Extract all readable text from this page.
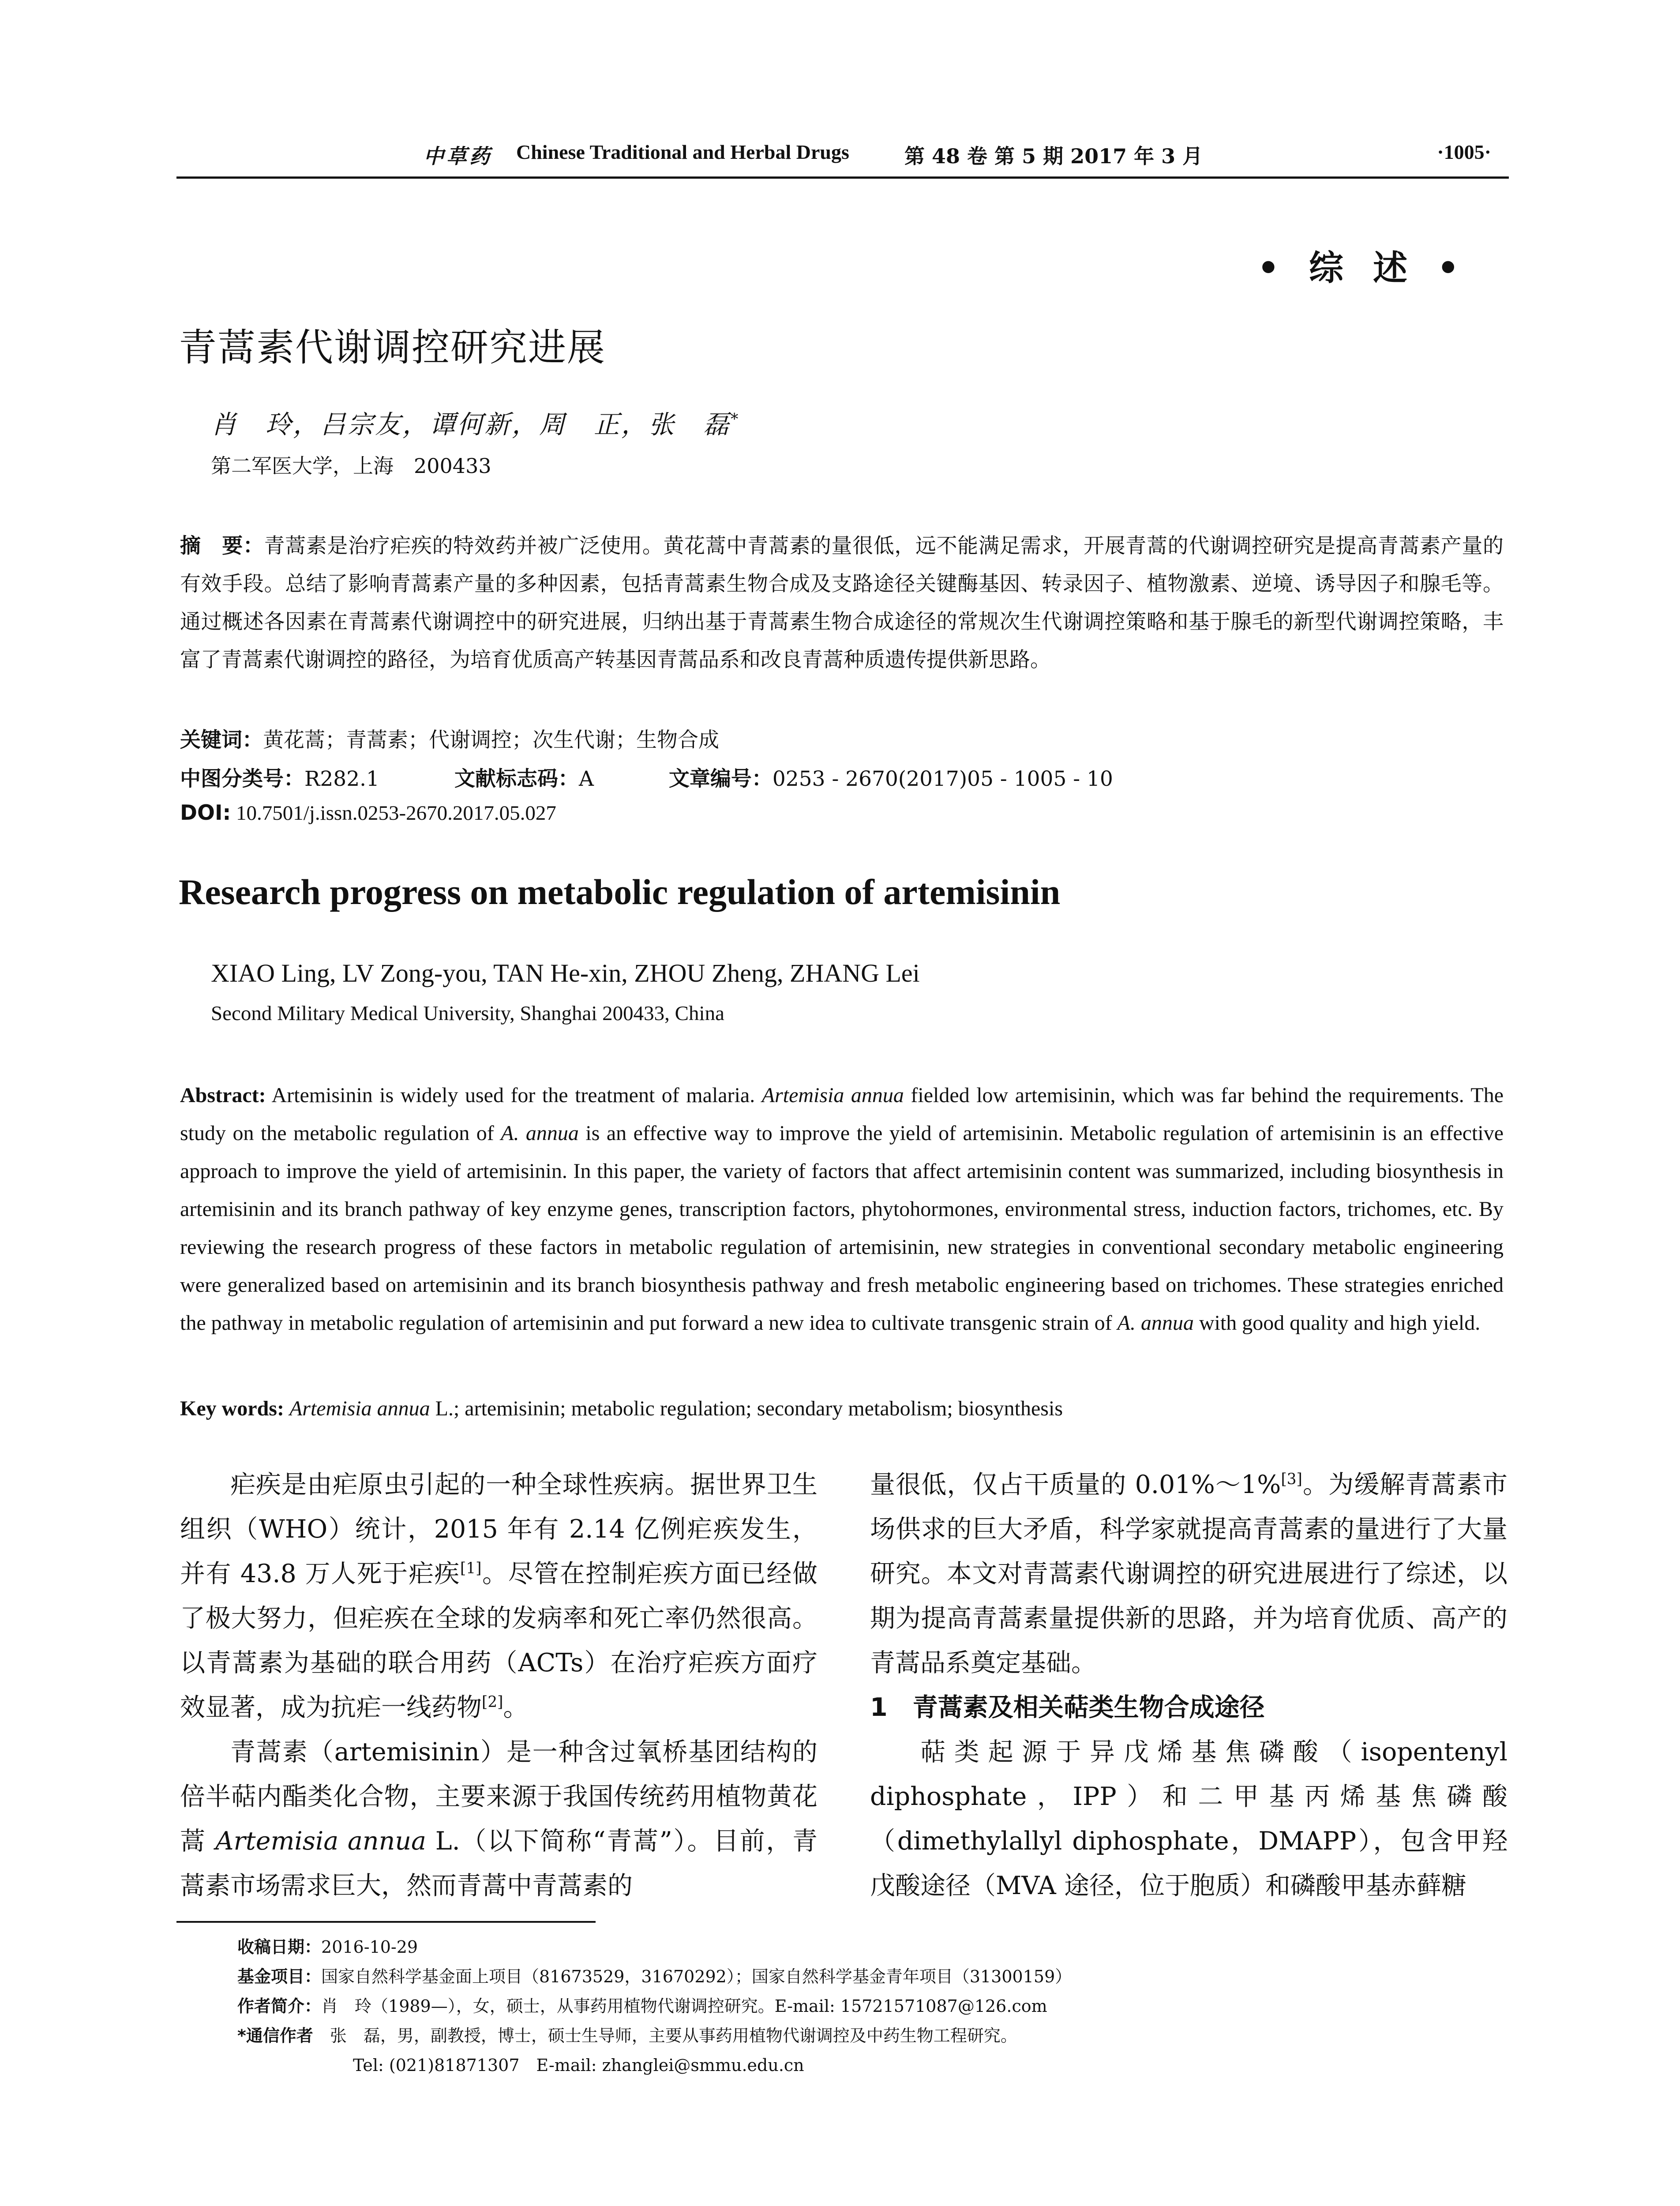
中草药 Chinese Traditional and Herbal Drugs	第 48 卷 第 5 期 2017 年 3 月	·1005·
• 综 述 •
青蒿素代谢调控研究进展
肖　玲，吕宗友，谭何新，周　正，张　磊*
第二军医大学，上海　200433
摘　要：青蒿素是治疗疟疾的特效药并被广泛使用。黄花蒿中青蒿素的量很低，远不能满足需求，开展青蒿的代谢调控研究是提高青蒿素产量的有效手段。总结了影响青蒿素产量的多种因素，包括青蒿素生物合成及支路途径关键酶基因、转录因子、植物激素、逆境、诱导因子和腺毛等。通过概述各因素在青蒿素代谢调控中的研究进展，归纳出基于青蒿素生物合成途径的常规次生代谢调控策略和基于腺毛的新型代谢调控策略，丰富了青蒿素代谢调控的路径，为培育优质高产转基因青蒿品系和改良青蒿种质遗传提供新思路。
关键词：黄花蒿；青蒿素；代谢调控；次生代谢；生物合成
中图分类号：R282.1	文献标志码：A	文章编号：0253 - 2670(2017)05 - 1005 - 10
DOI: 10.7501/j.issn.0253-2670.2017.05.027
Research progress on metabolic regulation of artemisinin
XIAO Ling, LV Zong-you, TAN He-xin, ZHOU Zheng, ZHANG Lei
Second Military Medical University, Shanghai 200433, China
Abstract: Artemisinin is widely used for the treatment of malaria. Artemisia annua fielded low artemisinin, which was far behind the requirements. The study on the metabolic regulation of A. annua is an effective way to improve the yield of artemisinin. Metabolic regulation of artemisinin is an effective approach to improve the yield of artemisinin. In this paper, the variety of factors that affect artemisinin content was summarized, including biosynthesis in artemisinin and its branch pathway of key enzyme genes, transcription factors, phytohormones, environmental stress, induction factors, trichomes, etc. By reviewing the research progress of these factors in metabolic regulation of artemisinin, new strategies in conventional secondary metabolic engineering were generalized based on artemisinin and its branch biosynthesis pathway and fresh metabolic engineering based on trichomes. These strategies enriched the pathway in metabolic regulation of artemisinin and put forward a new idea to cultivate transgenic strain of A. annua with good quality and high yield.
Key words: Artemisia annua L.; artemisinin; metabolic regulation; secondary metabolism; biosynthesis

疟疾是由疟原虫引起的一种全球性疾病。据世界卫生组织（WHO）统计，2015 年有 2.14 亿例疟疾发生，并有 43.8 万人死于疟疾[1]。尽管在控制疟疾方面已经做了极大努力，但疟疾在全球的发病率和死亡率仍然很高。以青蒿素为基础的联合用药（ACTs）在治疗疟疾方面疗效显著，成为抗疟一线药物[2]。

青蒿素（artemisinin）是一种含过氧桥基团结构的倍半萜内酯类化合物，主要来源于我国传统药用植物黄花蒿 Artemisia annua L.（以下简称“青蒿”）。目前，青蒿素市场需求巨大，然而青蒿中青蒿素的

量很低，仅占干质量的 0.01%～1%[3]。为缓解青蒿素市场供求的巨大矛盾，科学家就提高青蒿素的量进行了大量研究。本文对青蒿素代谢调控的研究进展进行了综述，以期为提高青蒿素量提供新的思路，并为培育优质、高产的青蒿品系奠定基础。

1　青蒿素及相关萜类生物合成途径

萜类起源于异戊烯基焦磷酸（isopentenyl diphosphate，IPP）和二甲基丙烯基焦磷酸（dimethylallyl diphosphate，DMAPP），包含甲羟戊酸途径（MVA 途径，位于胞质）和磷酸甲基赤藓糖

收稿日期：2016-10-29
基金项目：国家自然科学基金面上项目（81673529，31670292）；国家自然科学基金青年项目（31300159）
作者简介：肖　玲（1989—），女，硕士，从事药用植物代谢调控研究。E-mail: 15721571087@126.com
*通信作者　 张　磊，男，副教授，博士，硕士生导师，主要从事药用植物代谢调控及中药生物工程研究。
Tel: (021)81871307　E-mail: zhanglei@smmu.edu.cn
